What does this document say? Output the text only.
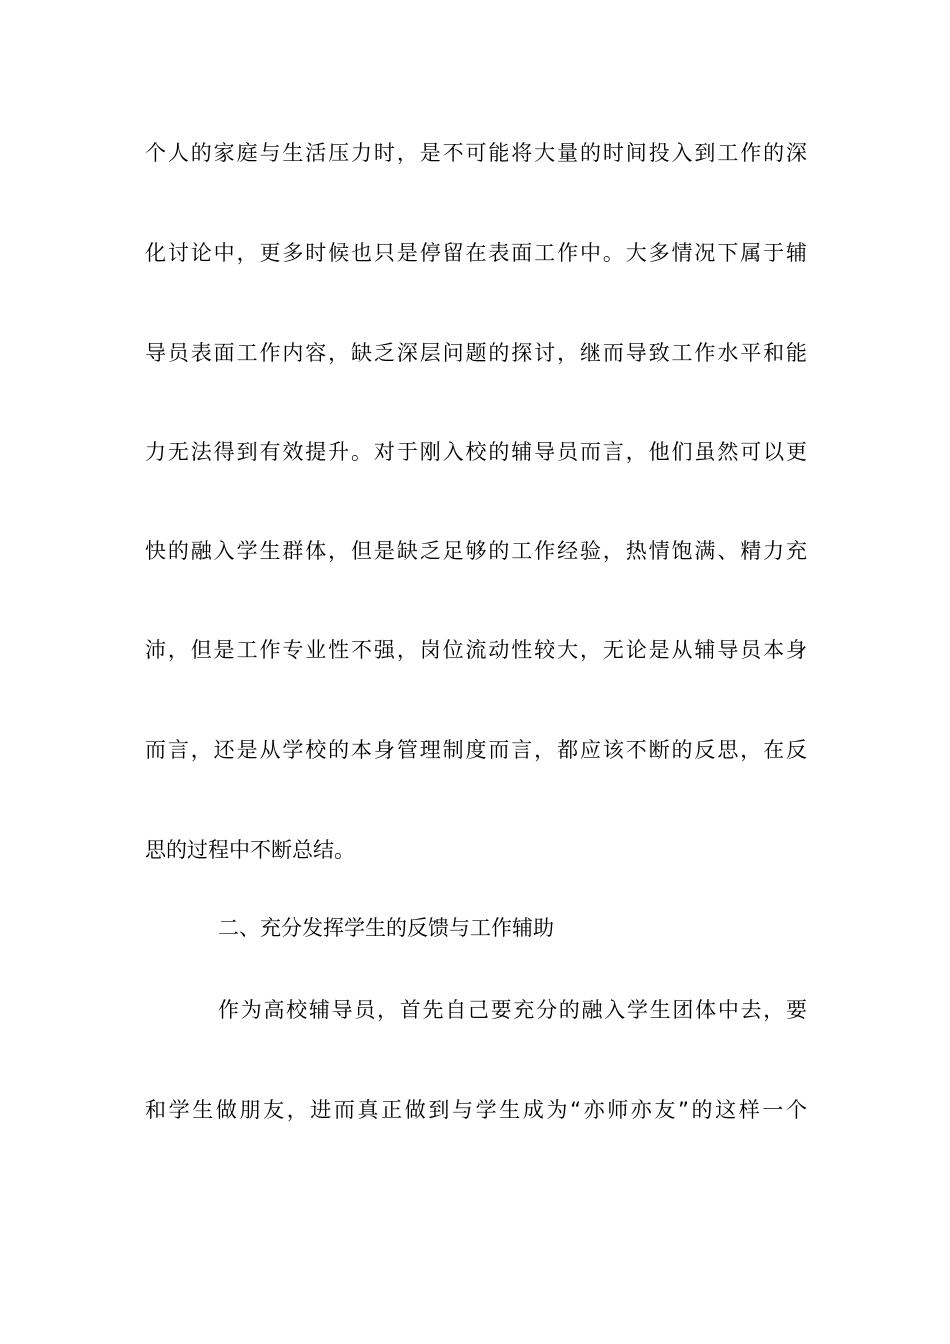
个人的家庭与生活压力时，是不可能将大量的时间投入到工作的深
化讨论中，更多时候也只是停留在表面工作中。大多情况下属于辅
导员表面工作内容，缺乏深层问题的探讨，继而导致工作水平和能
力无法得到有效提升。对于刚入校的辅导员而言，他们虽然可以更
快的融入学生群体，但是缺乏足够的工作经验，热情饱满、精力充
沛，但是工作专业性不强，岗位流动性较大，无论是从辅导员本身
而言，还是从学校的本身管理制度而言，都应该不断的反思，在反
思的过程中不断总结。
二、充分发挥学生的反馈与工作辅助
作为高校辅导员，首先自己要充分的融入学生团体中去，要
和学生做朋友，进而真正做到与学生成为“亦师亦友”的这样一个
